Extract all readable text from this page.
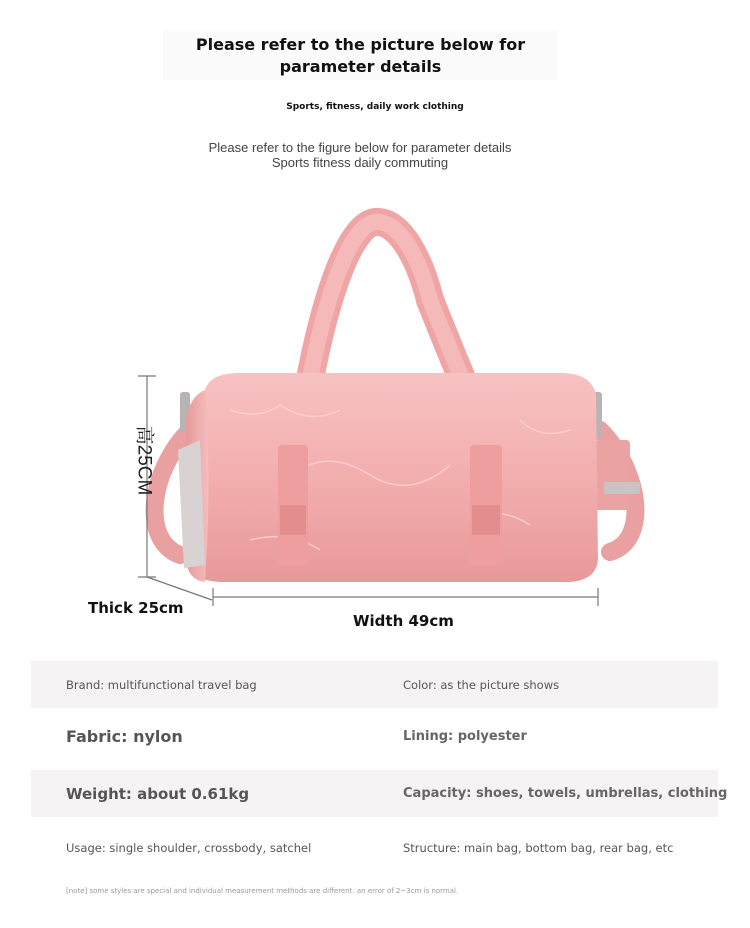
Please refer to the picture below for
parameter details
Sports, fitness, daily work clothing
Please refer to the figure below for parameter details
Sports fitness daily commuting
高25CM
Thick 25cm
Width 49cm
Brand: multifunctional travel bag	Color: as the picture shows
Fabric: nylon	Lining: polyester
Weight: about 0.61kg	Capacity: shoes, towels, umbrellas, clothing
Usage: single shoulder, crossbody, satchel	Structure: main bag, bottom bag, rear bag, etc
[note] some styles are special and individual measurement methods are different. an error of 2~3cm is normal.
